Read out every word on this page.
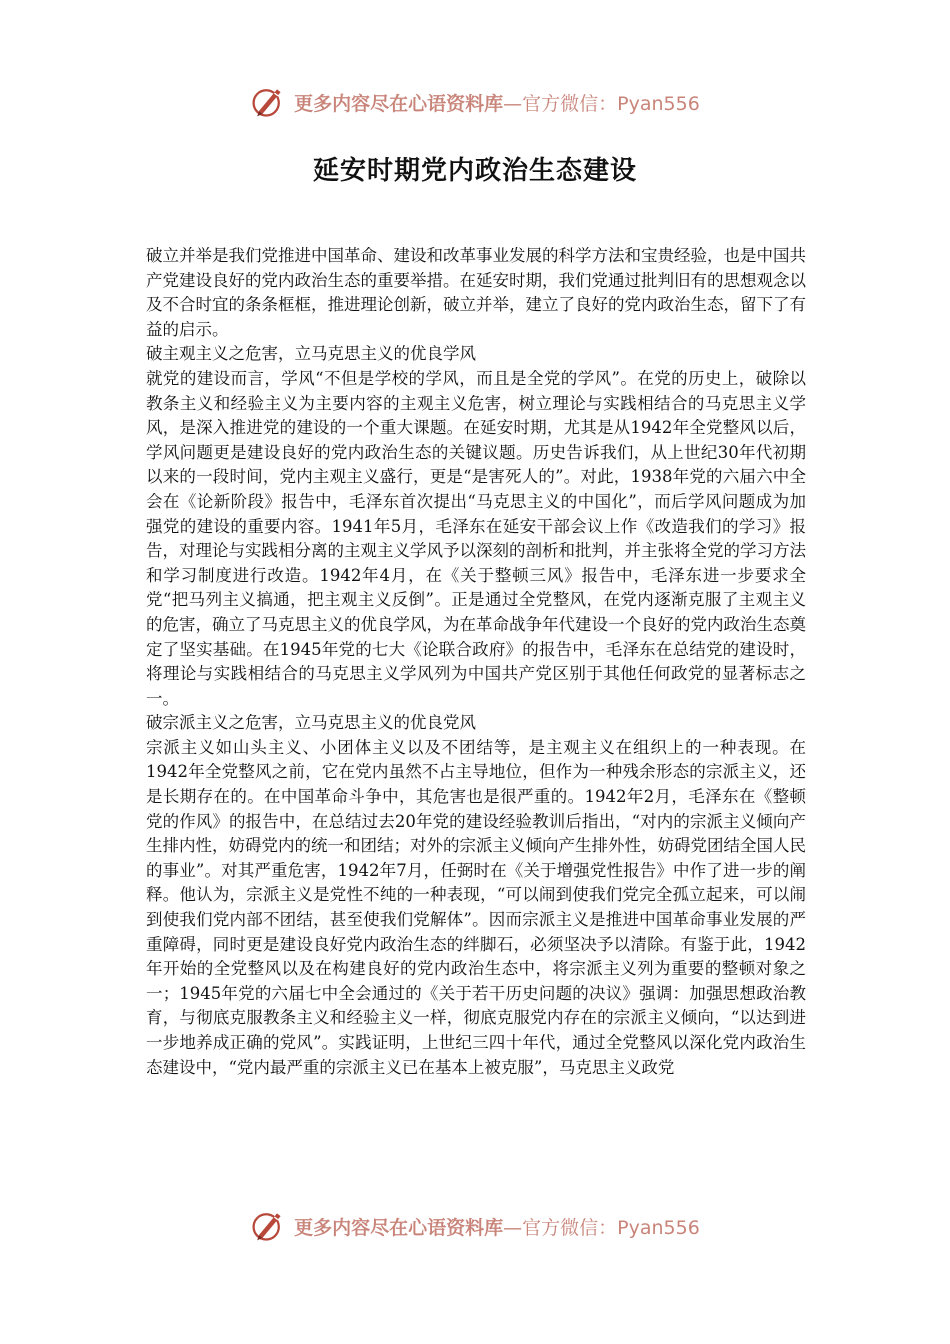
更多内容尽在心语资料库—官方微信：Pyan556
延安时期党内政治生态建设

破立并举是我们党推进中国革命、建设和改革事业发展的科学方法和宝贵经验，也是中国共产党建设良好的党内政治生态的重要举措。在延安时期，我们党通过批判旧有的思想观念以及不合时宜的条条框框，推进理论创新，破立并举，建立了良好的党内政治生态，留下了有益的启示。

破主观主义之危害，立马克思主义的优良学风

就党的建设而言，学风“不但是学校的学风，而且是全党的学风”。在党的历史上，破除以教条主义和经验主义为主要内容的主观主义危害，树立理论与实践相结合的马克思主义学风，是深入推进党的建设的一个重大课题。在延安时期，尤其是从1942年全党整风以后，学风问题更是建设良好的党内政治生态的关键议题。历史告诉我们，从上世纪30年代初期以来的一段时间，党内主观主义盛行，更是“是害死人的”。对此，1938年党的六届六中全会在《论新阶段》报告中，毛泽东首次提出“马克思主义的中国化”，而后学风问题成为加强党的建设的重要内容。1941年5月，毛泽东在延安干部会议上作《改造我们的学习》报告，对理论与实践相分离的主观主义学风予以深刻的剖析和批判，并主张将全党的学习方法和学习制度进行改造。1942年4月，在《关于整顿三风》报告中，毛泽东进一步要求全党“把马列主义搞通，把主观主义反倒”。正是通过全党整风，在党内逐渐克服了主观主义的危害，确立了马克思主义的优良学风，为在革命战争年代建设一个良好的党内政治生态奠定了坚实基础。在1945年党的七大《论联合政府》的报告中，毛泽东在总结党的建设时，将理论与实践相结合的马克思主义学风列为中国共产党区别于其他任何政党的显著标志之一。

破宗派主义之危害，立马克思主义的优良党风

宗派主义如山头主义、小团体主义以及不团结等，是主观主义在组织上的一种表现。在1942年全党整风之前，它在党内虽然不占主导地位，但作为一种残余形态的宗派主义，还是长期存在的。在中国革命斗争中，其危害也是很严重的。1942年2月，毛泽东在《整顿党的作风》的报告中，在总结过去20年党的建设经验教训后指出，“对内的宗派主义倾向产生排内性，妨碍党内的统一和团结；对外的宗派主义倾向产生排外性，妨碍党团结全国人民的事业”。对其严重危害，1942年7月，任弼时在《关于增强党性报告》中作了进一步的阐释。他认为，宗派主义是党性不纯的一种表现，“可以闹到使我们党完全孤立起来，可以闹到使我们党内部不团结，甚至使我们党解体”。因而宗派主义是推进中国革命事业发展的严重障碍，同时更是建设良好党内政治生态的绊脚石，必须坚决予以清除。有鉴于此，1942年开始的全党整风以及在构建良好的党内政治生态中，将宗派主义列为重要的整顿对象之一；1945年党的六届七中全会通过的《关于若干历史问题的决议》强调：加强思想政治教育，与彻底克服教条主义和经验主义一样，彻底克服党内存在的宗派主义倾向，“以达到进一步地养成正确的党风”。实践证明，上世纪三四十年代，通过全党整风以深化党内政治生态建设中，“党内最严重的宗派主义已在基本上被克服”，马克思主义政党

更多内容尽在心语资料库—官方微信：Pyan556
